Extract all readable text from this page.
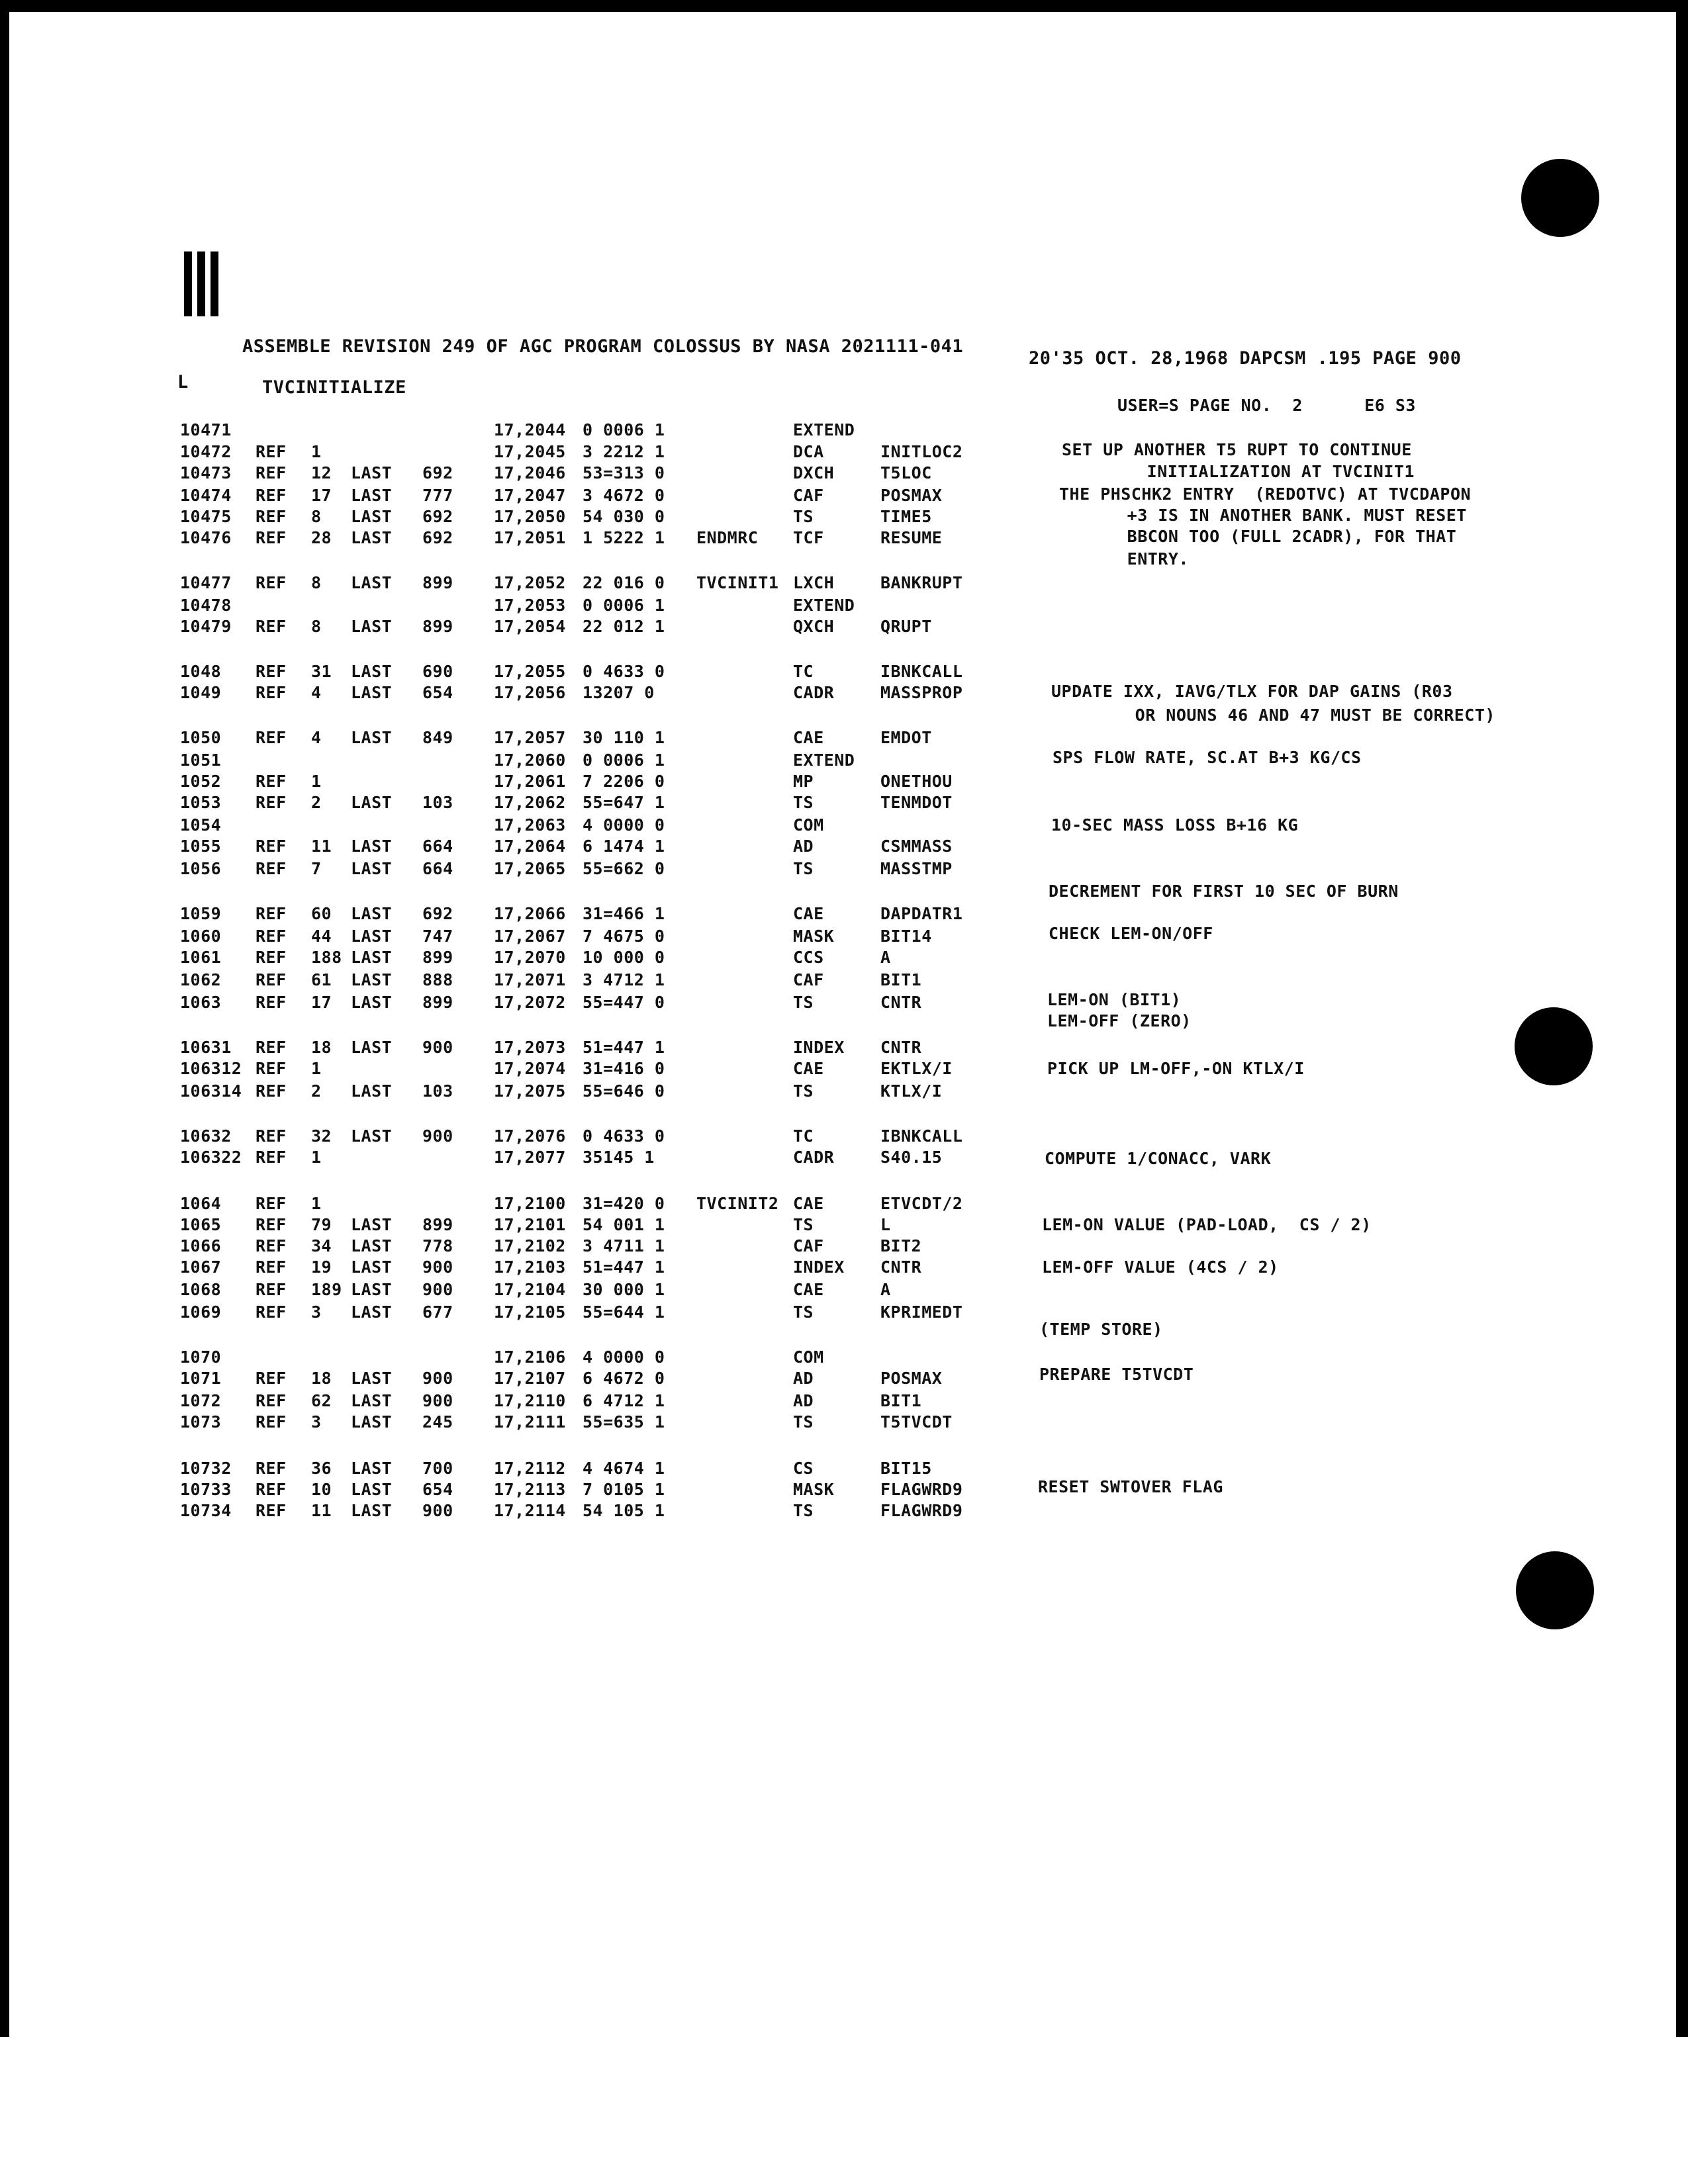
ASSEMBLE REVISION 249 OF AGC PROGRAM COLOSSUS BY NASA 2021111-041
20'35 OCT. 28,1968 DAPCSM .195 PAGE 900
L	TVCINITIALIZE
USER=S PAGE NO.  2      E6 S3
10471	17,2044 0 0006 1	EXTEND
10472 REF 1	17,2045 3 2212 1	DCA	INITLOC2
10473 REF 12 LAST 692 17,2046 53=313 0	DXCH	T5LOC
10474 REF 17 LAST 777 17,2047 3 4672 0	CAF	POSMAX
10475 REF 8 LAST 692 17,2050 54 030 0	TS	TIME5
10476 REF 28 LAST 692 17,2051 1 5222 1 ENDMRC TCF	RESUME
10477 REF 8 LAST 899 17,2052 22 016 0 TVCINIT1 LXCH	BANKRUPT
10478	17,2053 0 0006 1	EXTEND
10479 REF 8 LAST 899 17,2054 22 012 1	QXCH	QRUPT
1048 REF 31 LAST 690 17,2055 0 4633 0	TC	IBNKCALL
1049 REF 4 LAST 654 17,2056 13207 0	CADR	MASSPROP
1050 REF 4 LAST 849 17,2057 30 110 1	CAE	EMDOT
1051	17,2060 0 0006 1	EXTEND
1052 REF 1	17,2061 7 2206 0	MP	ONETHOU
1053 REF 2 LAST 103 17,2062 55=647 1	TS	TENMDOT
1054	17,2063 4 0000 0	COM
1055 REF 11 LAST 664 17,2064 6 1474 1	AD	CSMMASS
1056 REF 7 LAST 664 17,2065 55=662 0	TS	MASSTMP
1059 REF 60 LAST 692 17,2066 31=466 1	CAE	DAPDATR1
1060 REF 44 LAST 747 17,2067 7 4675 0	MASK	BIT14
1061 REF 188 LAST 899 17,2070 10 000 0	CCS	A
1062 REF 61 LAST 888 17,2071 3 4712 1	CAF	BIT1
1063 REF 17 LAST 899 17,2072 55=447 0	TS	CNTR
10631 REF 18 LAST 900 17,2073 51=447 1	INDEX CNTR
106312 REF 1	17,2074 31=416 0	CAE	EKTLX/I
106314 REF 2 LAST 103 17,2075 55=646 0	TS	KTLX/I
10632 REF 32 LAST 900 17,2076 0 4633 0	TC	IBNKCALL
106322 REF 1	17,2077 35145 1	CADR	S40.15
1064 REF 1	17,2100 31=420 0 TVCINIT2 CAE	ETVCDT/2
1065 REF 79 LAST 899 17,2101 54 001 1	TS	L
1066 REF 34 LAST 778 17,2102 3 4711 1	CAF	BIT2
1067 REF 19 LAST 900 17,2103 51=447 1	INDEX CNTR
1068 REF 189 LAST 900 17,2104 30 000 1	CAE	A
1069 REF 3 LAST 677 17,2105 55=644 1	TS	KPRIMEDT
1070	17,2106 4 0000 0	COM
1071 REF 18 LAST 900 17,2107 6 4672 0	AD	POSMAX
1072 REF 62 LAST 900 17,2110 6 4712 1	AD	BIT1
1073 REF 3 LAST 245 17,2111 55=635 1	TS	T5TVCDT
10732 REF 36 LAST 700 17,2112 4 4674 1	CS	BIT15
10733 REF 10 LAST 654 17,2113 7 0105 1	MASK	FLAGWRD9
10734 REF 11 LAST 900 17,2114 54 105 1	TS	FLAGWRD9
SET UP ANOTHER T5 RUPT TO CONTINUE
INITIALIZATION AT TVCINIT1
THE PHSCHK2 ENTRY  (REDOTVC) AT TVCDAPON
+3 IS IN ANOTHER BANK. MUST RESET
BBCON TOO (FULL 2CADR), FOR THAT
ENTRY.
UPDATE IXX, IAVG/TLX FOR DAP GAINS (R03
OR NOUNS 46 AND 47 MUST BE CORRECT)
SPS FLOW RATE, SC.AT B+3 KG/CS
10-SEC MASS LOSS B+16 KG
DECREMENT FOR FIRST 10 SEC OF BURN
CHECK LEM-ON/OFF
LEM-ON (BIT1)
LEM-OFF (ZERO)
PICK UP LM-OFF,-ON KTLX/I
COMPUTE 1/CONACC, VARK
LEM-ON VALUE (PAD-LOAD,  CS / 2)
LEM-OFF VALUE (4CS / 2)
(TEMP STORE)
PREPARE T5TVCDT
RESET SWTOVER FLAG
